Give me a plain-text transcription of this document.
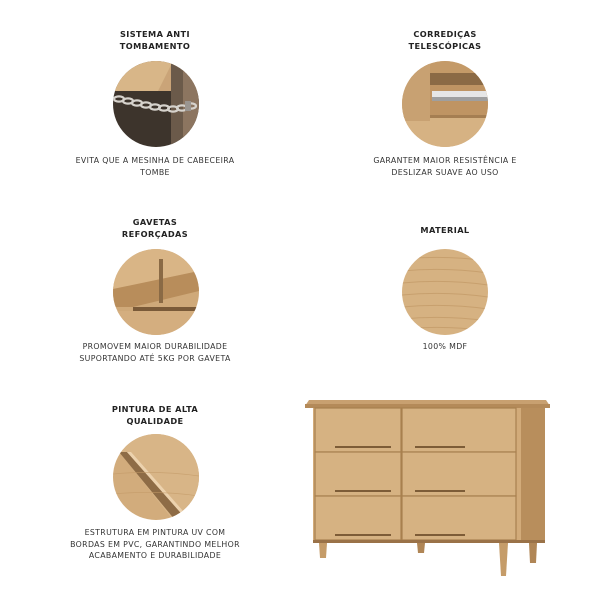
SISTEMA ANTI
TOMBAMENTO
EVITA QUE A MESINHA DE CABECEIRA
TOMBE
CORREDIÇAS
TELESCÓPICAS
GARANTEM MAIOR RESISTÊNCIA E
DESLIZAR SUAVE AO USO
GAVETAS
REFORÇADAS
PROMOVEM MAIOR DURABILIDADE
SUPORTANDO ATÉ 5KG POR GAVETA
MATERIAL
100% MDF
PINTURA DE ALTA
QUALIDADE
ESTRUTURA EM PINTURA UV COM
BORDAS EM PVC, GARANTINDO MELHOR
ACABAMENTO E DURABILIDADE
